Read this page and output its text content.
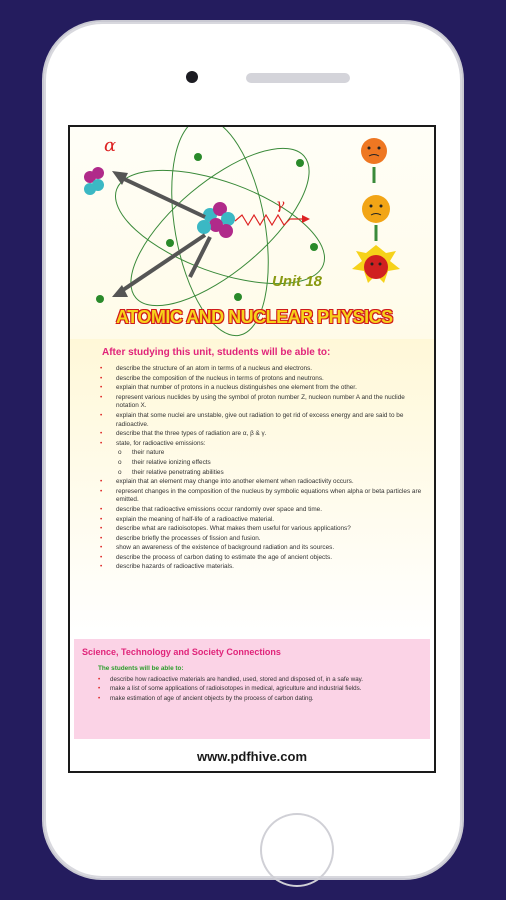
γ
α
Unit 18
ATOMIC AND NUCLEAR PHYSICS
After studying this unit, students will be able to:
• describe the structure of an atom in terms of a nucleus and electrons.
• describe the composition of the nucleus in terms of protons and neutrons.
• explain that number of protons in a nucleus distinguishes one element from the other.
• represent various nuclides by using the symbol of proton number Z, nucleon number A and the nuclide notation X.
• explain that some nuclei are unstable, give out radiation to get rid of excess energy and are said to be radioactive.
• describe that the three types of radiation are α, β & γ.
• state, for radioactive emissions:
o their nature
o their relative ionizing effects
o their relative penetrating abilities
• explain that an element may change into another element when radioactivity occurs.
• represent changes in the composition of the nucleus by symbolic equations when alpha or beta particles are emitted.
• describe that radioactive emissions occur randomly over space and time.
• explain the meaning of half-life of a radioactive material.
• describe what are radioisotopes. What makes them useful for various applications?
• describe briefly the processes of fission and fusion.
• show an awareness of the existence of background radiation and its sources.
• describe the process of carbon dating to estimate the age of ancient objects.
• describe hazards of radioactive materials.
Science, Technology and Society Connections
The students will be able to:
• describe how radioactive materials are handled, used, stored and disposed of, in a safe way.
• make a list of some applications of radioisotopes in medical, agriculture and industrial fields.
• make estimation of age of ancient objects by the process of carbon dating.
www.pdfhive.com
